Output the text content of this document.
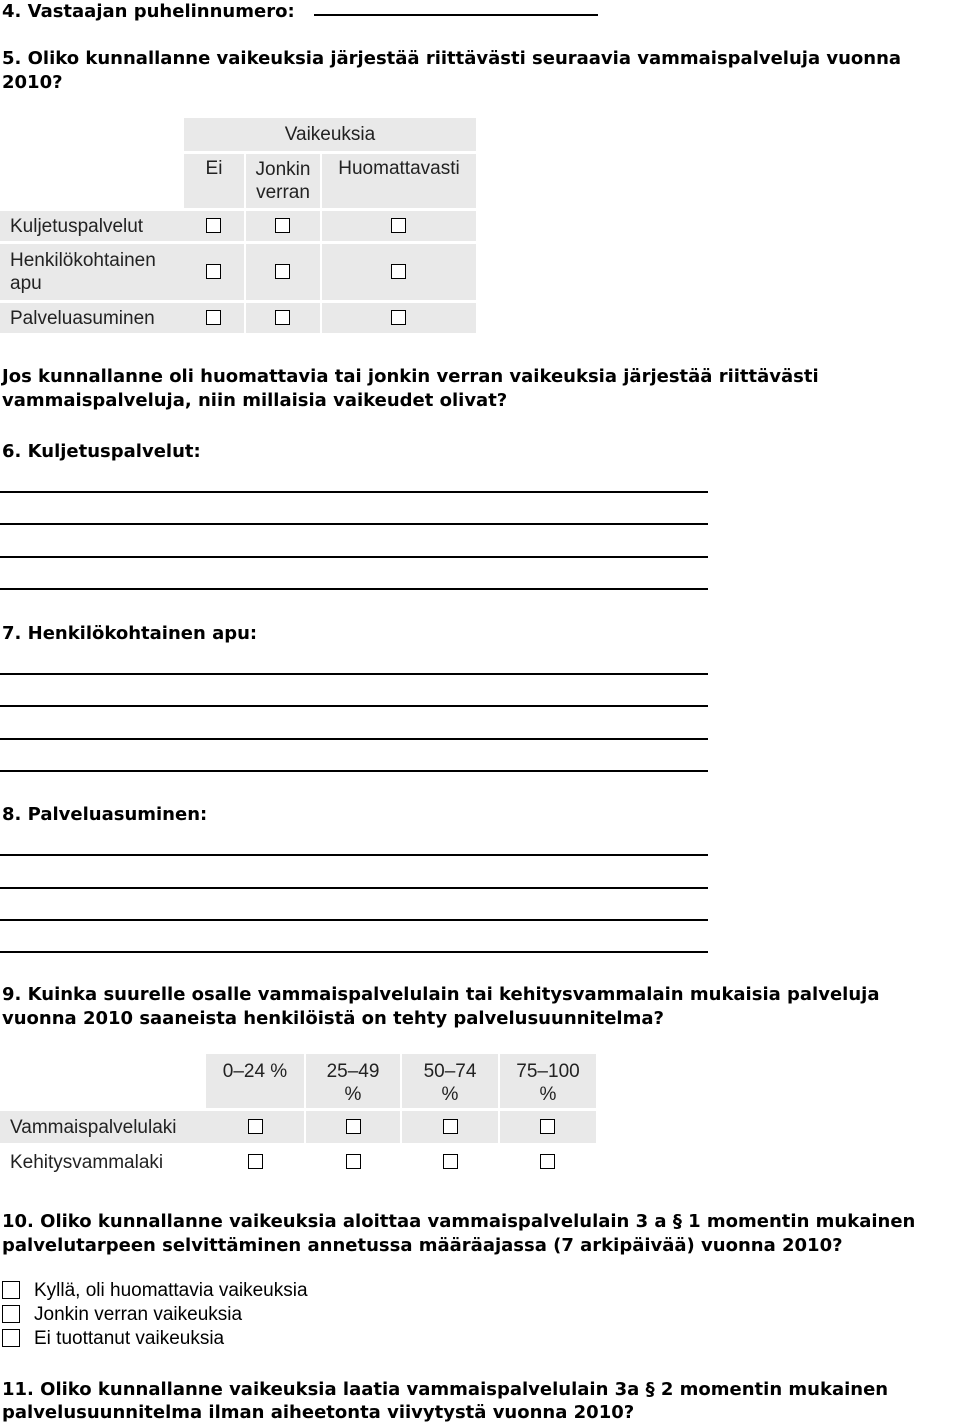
4. Vastaajan puhelinnumero:
5. Oliko kunnallanne vaikeuksia järjestää riittävästi seuraavia vammaispalveluja vuonna
2010?
Vaikeuksia
Ei	Jonkin
verran
Huomattavasti
Kuljetuspalvelut
Henkilökohtainen
apu
Palveluasuminen
Jos kunnallanne oli huomattavia tai jonkin verran vaikeuksia järjestää riittävästi
vammaispalveluja, niin millaisia vaikeudet olivat?
6. Kuljetuspalvelut:
7. Henkilökohtainen apu:
8. Palveluasuminen:
9. Kuinka suurelle osalle vammaispalvelulain tai kehitysvammalain mukaisia palveluja
vuonna 2010 saaneista henkilöistä on tehty palvelusuunnitelma?
0–24 %	25–49
%
50–74
%
75–100
%
Vammaispalvelulaki
Kehitysvammalaki
10. Oliko kunnallanne vaikeuksia aloittaa vammaispalvelulain 3 a § 1 momentin mukainen
palvelutarpeen selvittäminen annetussa määräajassa (7 arkipäivää) vuonna 2010?
Kyllä, oli huomattavia vaikeuksia
Jonkin verran vaikeuksia
Ei tuottanut vaikeuksia
11. Oliko kunnallanne vaikeuksia laatia vammaispalvelulain 3a § 2 momentin mukainen
palvelusuunnitelma ilman aiheetonta viivytystä vuonna 2010?
